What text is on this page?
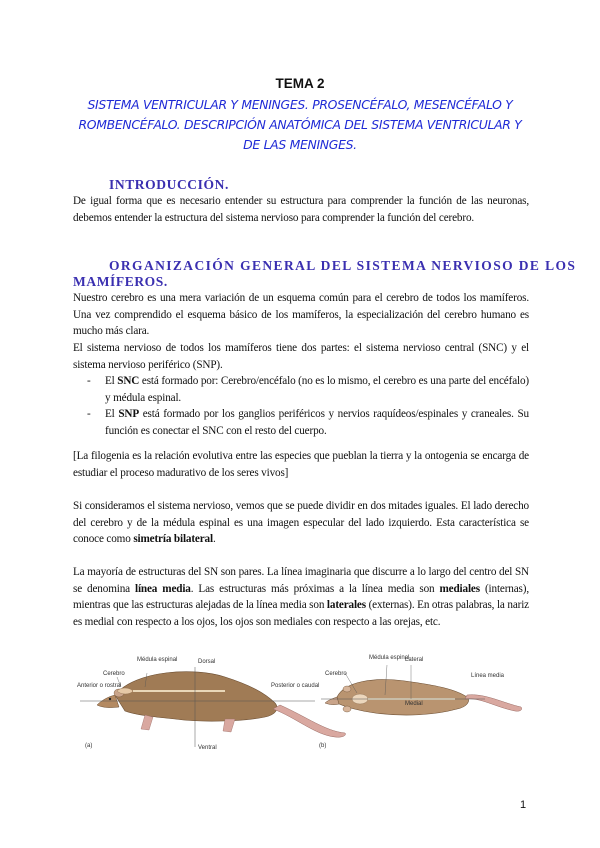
TEMA 2
SISTEMA VENTRICULAR Y MENINGES. PROSENCÉFALO, MESENCÉFALO Y ROMBENCÉFALO. DESCRIPCIÓN ANATÓMICA DEL SISTEMA VENTRICULAR Y DE LAS MENINGES.
INTRODUCCIÓN.
De igual forma que es necesario entender su estructura para comprender la función de las neuronas, debemos entender la estructura del sistema nervioso para comprender la función del cerebro.
ORGANIZACIÓN GENERAL DEL SISTEMA NERVIOSO DE LOS
MAMÍFEROS.
Nuestro cerebro es una mera variación de un esquema común para el cerebro de todos los mamíferos. Una vez comprendido el esquema básico de los mamíferos, la especialización del cerebro humano es mucho más clara.
El sistema nervioso de todos los mamíferos tiene dos partes: el sistema nervioso central (SNC) y el sistema nervioso periférico (SNP).
- El SNC está formado por: Cerebro/encéfalo (no es lo mismo, el cerebro es una parte del encéfalo) y médula espinal.
- El SNP está formado por los ganglios periféricos y nervios raquídeos/espinales y craneales. Su función es conectar el SNC con el resto del cuerpo.
[La filogenia es la relación evolutiva entre las especies que pueblan la tierra y la ontogenia se encarga de estudiar el proceso madurativo de los seres vivos]
Si consideramos el sistema nervioso, vemos que se puede dividir en dos mitades iguales. El lado derecho del cerebro y de la médula espinal es una imagen especular del lado izquierdo. Esta característica se conoce como simetría bilateral.
La mayoría de estructuras del SN son pares. La línea imaginaria que discurre a lo largo del centro del SN se denomina línea media. Las estructuras más próximas a la línea media son mediales (internas), mientras que las estructuras alejadas de la línea media son laterales (externas). En otras palabras, la nariz es medial con respecto a los ojos, los ojos son mediales con respecto a las orejas, etc.
Cerebro
Médula espinal	Dorsal
Anterior o rostral	Posterior o caudal
Ventral
(a)
Cerebro
Médula espinal
Lateral
Línea media
Medial
(b)
1
